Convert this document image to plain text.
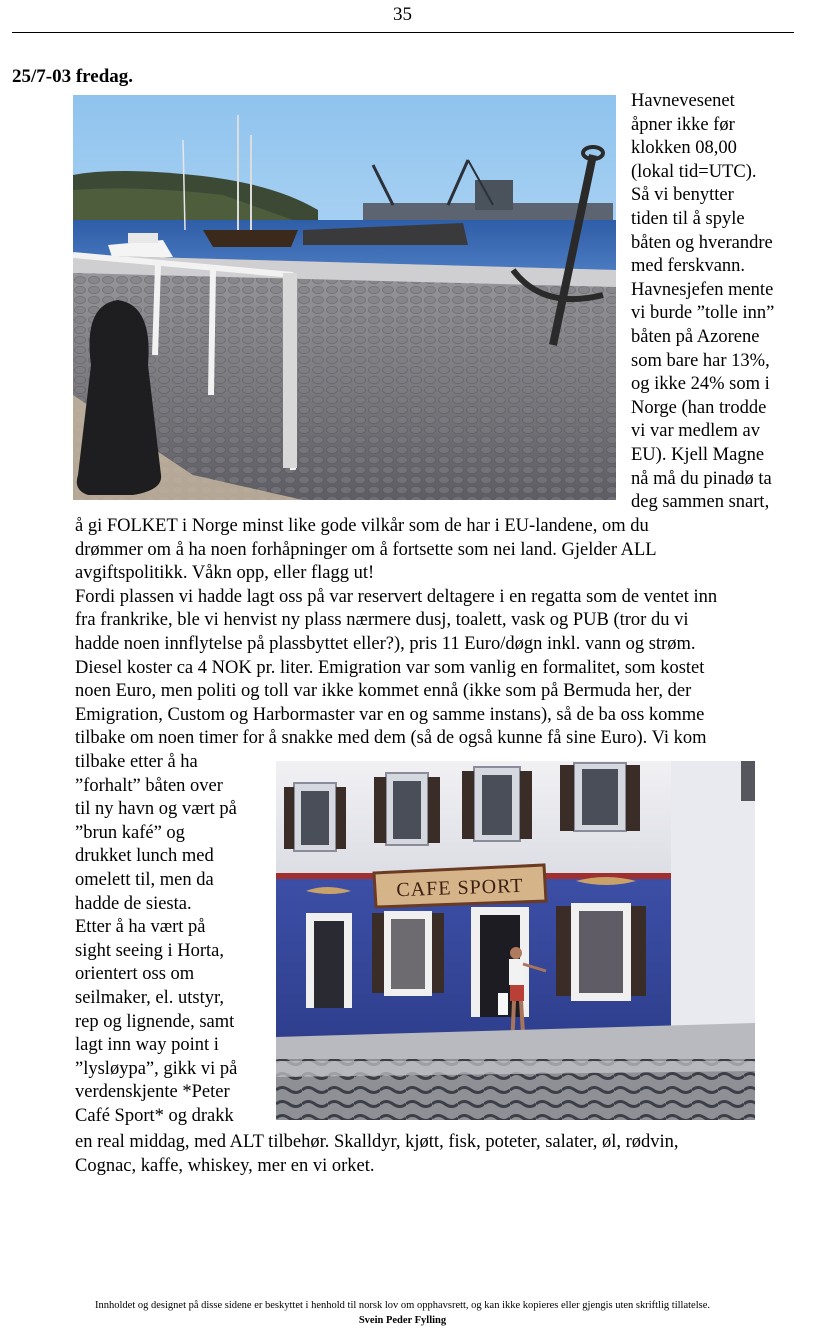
35
25/7-03 fredag.
Havnevesenet
åpner ikke før
klokken 08,00
(lokal tid=UTC).
Så vi benytter
tiden til å spyle
båten og hverandre
med ferskvann.
Havnesjefen mente
vi burde ”tolle inn”
båten på Azorene
som bare har 13%,
og ikke 24% som i
Norge (han trodde
vi var medlem av
EU). Kjell Magne
nå må du pinadø ta
deg sammen snart,
å gi FOLKET i Norge minst like gode vilkår som de har i EU-landene, om du
drømmer om å ha noen forhåpninger om å fortsette som nei land. Gjelder ALL
avgiftspolitikk. Våkn opp, eller flagg ut!
Fordi plassen vi hadde lagt oss på var reservert deltagere i en regatta som de ventet inn
fra frankrike, ble vi henvist ny plass nærmere dusj, toalett, vask og PUB (tror du vi
hadde noen innflytelse på plassbyttet eller?), pris 11 Euro/døgn inkl. vann og strøm.
Diesel koster ca 4 NOK pr. liter. Emigration var som vanlig en formalitet, som kostet
noen Euro, men politi og toll var ikke kommet ennå (ikke som på Bermuda her, der
Emigration, Custom og Harbormaster var en og samme instans), så de ba oss komme
tilbake om noen timer for å snakke med dem (så de også kunne få sine Euro). Vi kom
tilbake etter å ha
”forhalt” båten over
til ny havn og vært på
”brun kafé” og
drukket lunch med
omelett til, men da
hadde de siesta.
Etter å ha vært på
sight seeing i Horta,
orientert oss om
seilmaker, el. utstyr,
rep og lignende, samt
lagt inn way point i
”lysløypa”, gikk vi på
verdenskjente *Peter
Café Sport* og drakk
CAFE SPORT
en real middag, med ALT tilbehør. Skalldyr, kjøtt, fisk, poteter, salater, øl, rødvin,
Cognac, kaffe, whiskey, mer en vi orket.
Innholdet og designet på disse sidene er beskyttet i henhold til norsk lov om opphavsrett, og kan ikke kopieres eller gjengis uten skriftlig tillatelse.
Svein Peder Fylling
